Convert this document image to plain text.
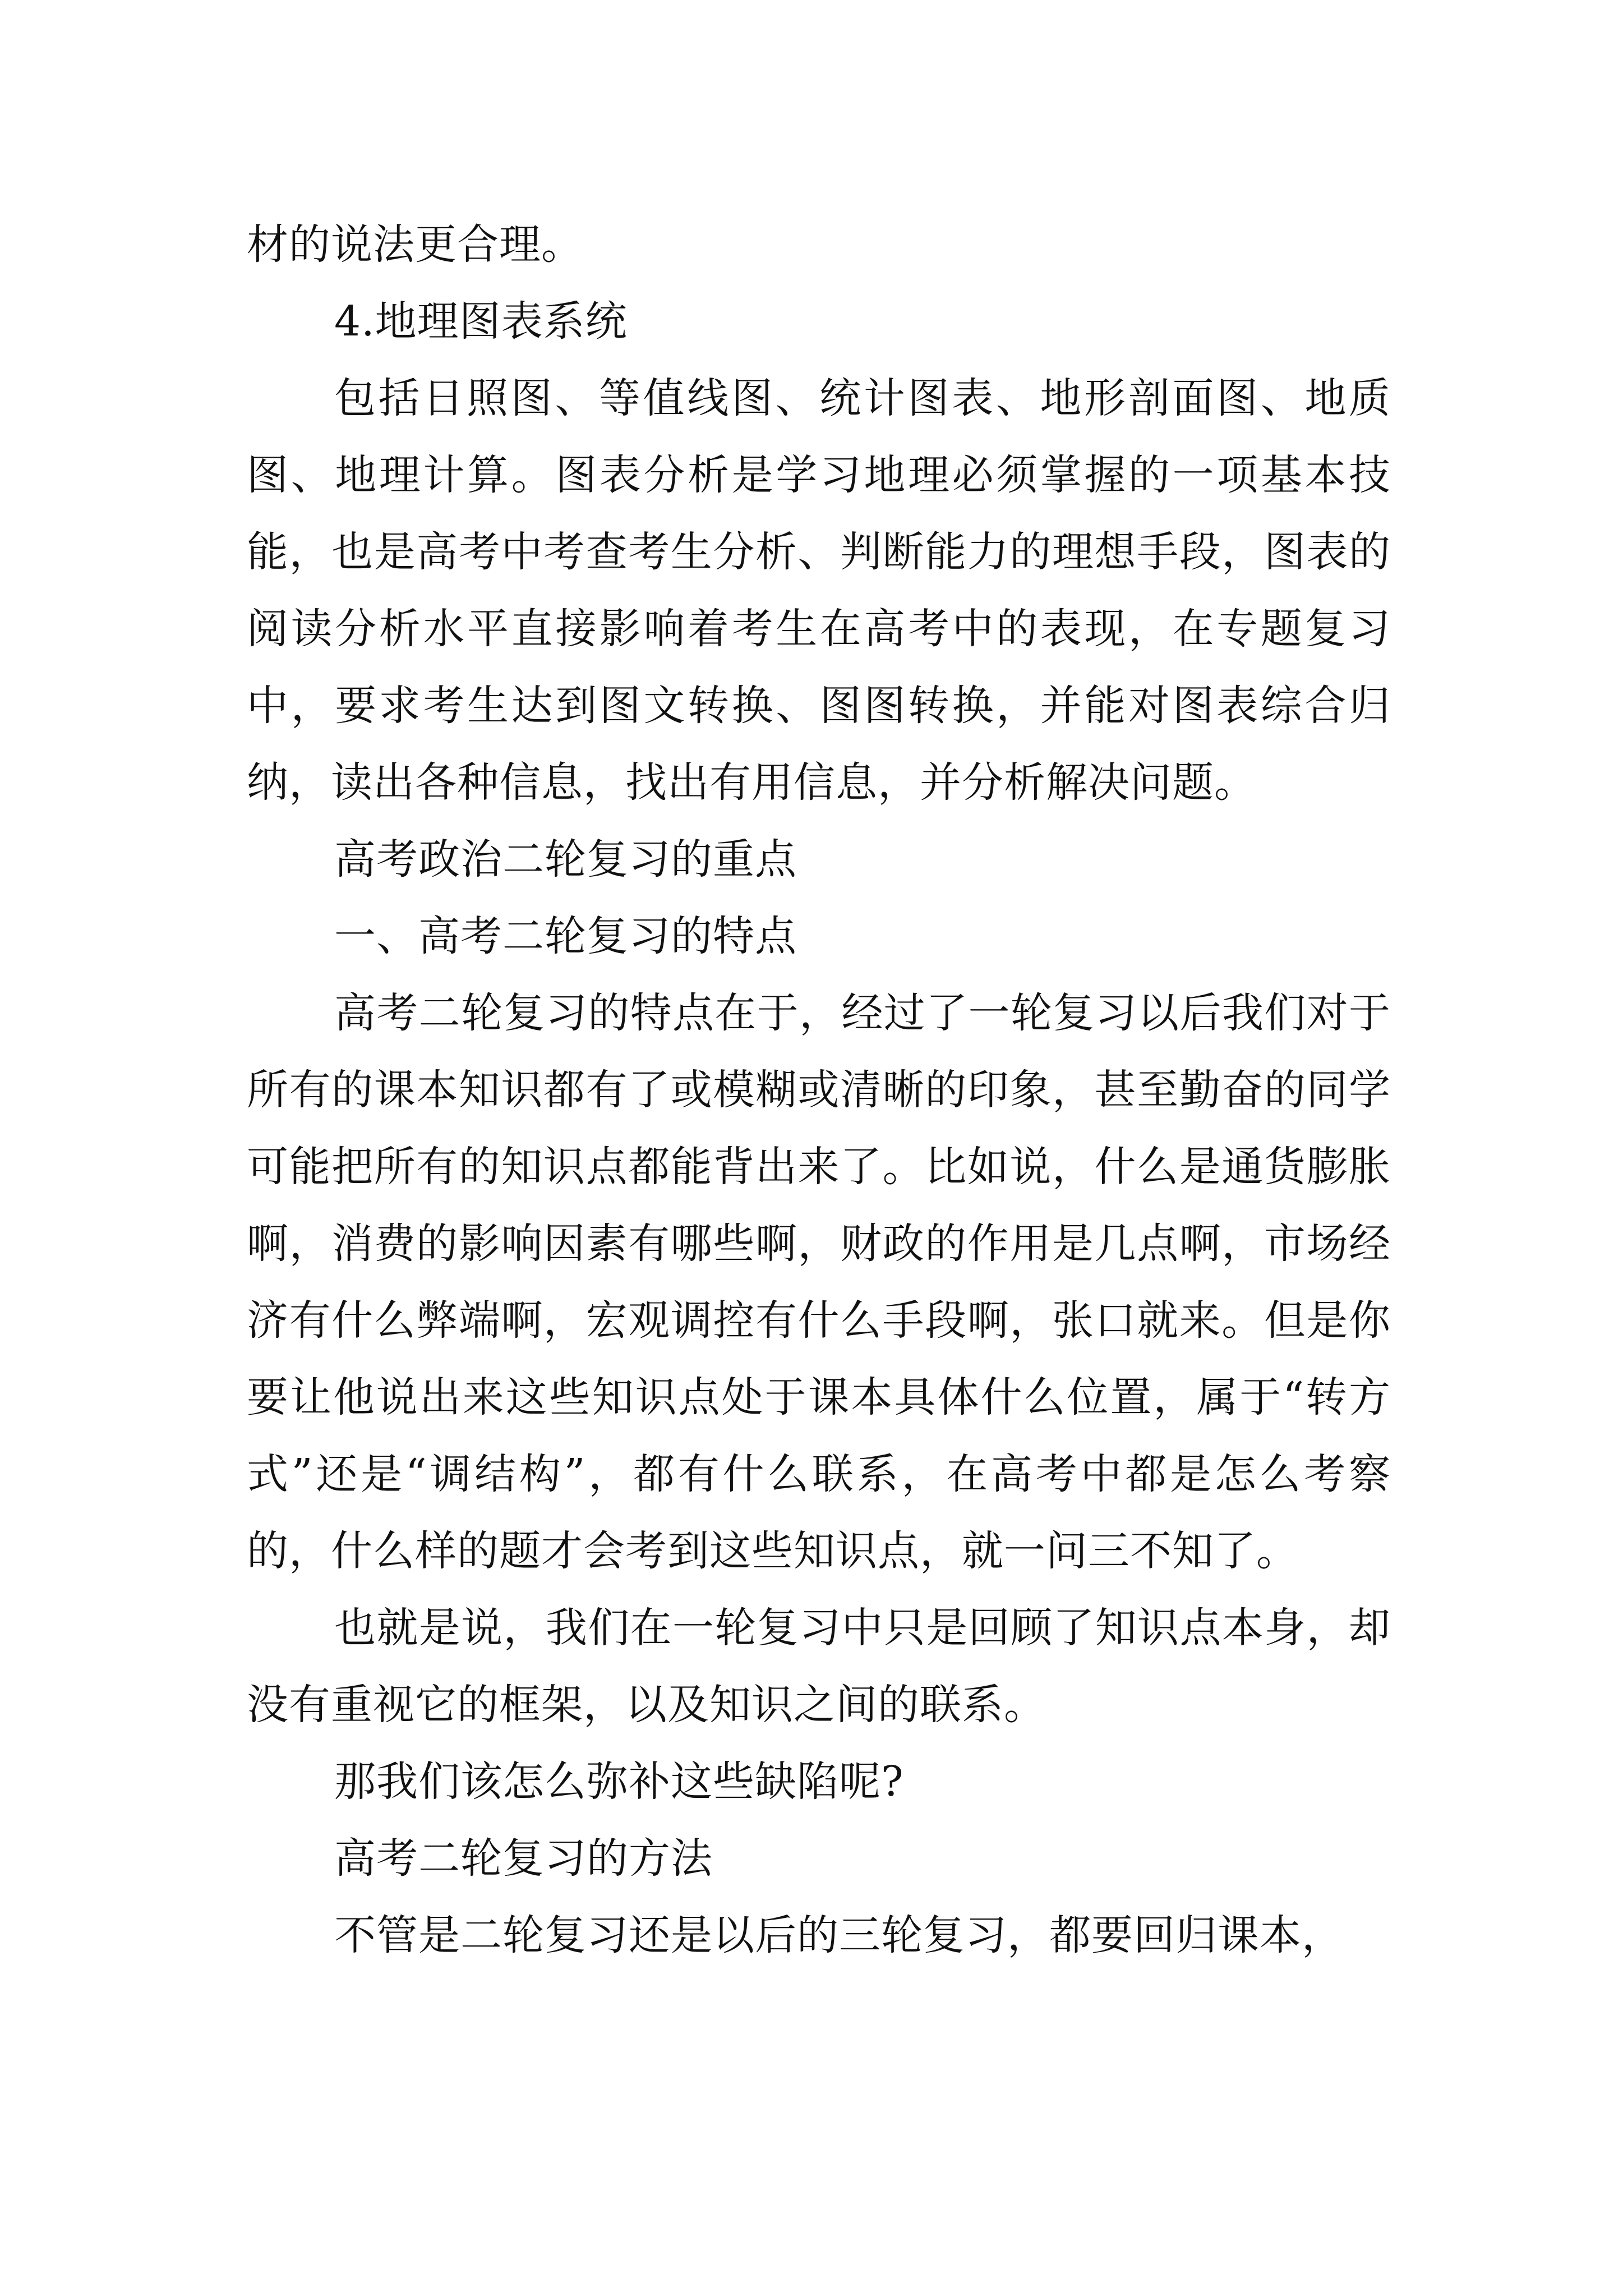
材的说法更合理。

4.地理图表系统

包括日照图、等值线图、统计图表、地形剖面图、地质图、地理计算。图表分析是学习地理必须掌握的一项基本技能，也是高考中考查考生分析、判断能力的理想手段，图表的阅读分析水平直接影响着考生在高考中的表现，在专题复习中，要求考生达到图文转换、图图转换，并能对图表综合归纳，读出各种信息，找出有用信息，并分析解决问题。

高考政治二轮复习的重点

一、高考二轮复习的特点

高考二轮复习的特点在于，经过了一轮复习以后我们对于所有的课本知识都有了或模糊或清晰的印象，甚至勤奋的同学可能把所有的知识点都能背出来了。比如说，什么是通货膨胀啊，消费的影响因素有哪些啊，财政的作用是几点啊，市场经济有什么弊端啊，宏观调控有什么手段啊，张口就来。但是你要让他说出来这些知识点处于课本具体什么位置，属于“转方式”还是“调结构”，都有什么联系，在高考中都是怎么考察的，什么样的题才会考到这些知识点，就一问三不知了。

也就是说，我们在一轮复习中只是回顾了知识点本身，却没有重视它的框架，以及知识之间的联系。

那我们该怎么弥补这些缺陷呢?

高考二轮复习的方法

不管是二轮复习还是以后的三轮复习，都要回归课本，
